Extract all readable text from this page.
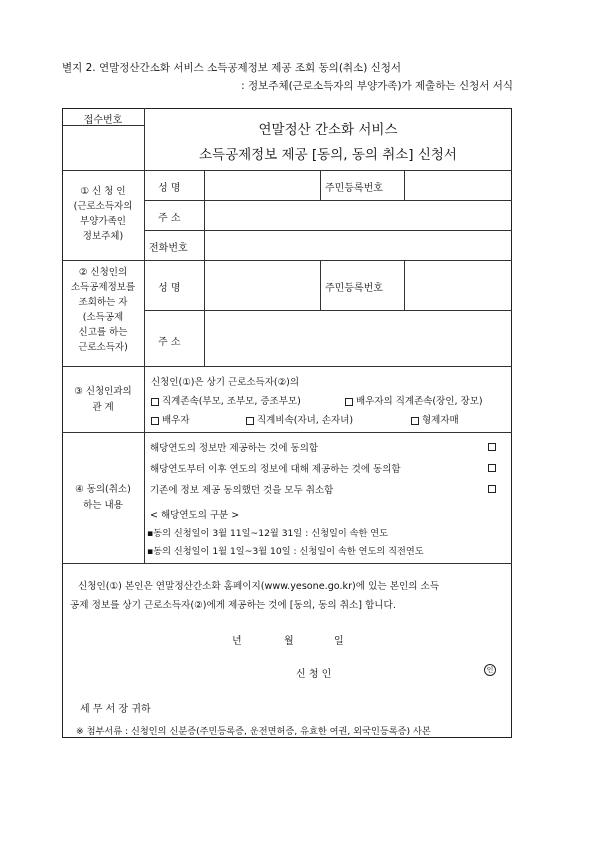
별지 2. 연말정산간소화 서비스 소득공제정보 제공 조회 동의(취소) 신청서
: 정보주체(근로소득자의 부양가족)가 제출하는 신청서 서식
접수번호
연말정산 간소화 서비스
소득공제정보 제공 [동의, 동의 취소] 신청서
① 신 청 인
(근로소득자의
부양가족인
정보주체)
성 명	주민등록번호
주 소
전화번호
② 신청인의
소득공제정보를
조회하는 자
(소득공제
신고를 하는
근로소득자)
성 명	주민등록번호
주 소
③ 신청인과의
관 계
신청인(①)은 상기 근로소득자(②)의
직계존속(부모, 조부모, 증조부모)	배우자의 직계존속(장인, 장모)
배우자	직계비속(자녀, 손자녀)	형제자매
④ 동의(취소)
하는 내용
해당연도의 정보만 제공하는 것에 동의함
해당연도부터 이후 연도의 정보에 대해 제공하는 것에 동의함
기존에 정보 제공 동의했던 것을 모두 취소함
< 해당연도의 구분 >
▪동의 신청일이 3월 11일~12월 31일 : 신청일이 속한 연도
▪동의 신청일이 1월 1일~3월 10일 : 신청일이 속한 연도의 직전연도
신청인(①) 본인은 연말정산간소화 홈페이지(www.yesone.go.kr)에 있는 본인의 소득
공제 정보를 상기 근로소득자(②)에게 제공하는 것에 [동의, 동의 취소] 합니다.
년	월	일
신 청 인	인
세 무 서 장 귀하
※ 첨부서류 : 신청인의 신분증(주민등록증, 운전면허증, 유효한 여권, 외국인등록증) 사본
